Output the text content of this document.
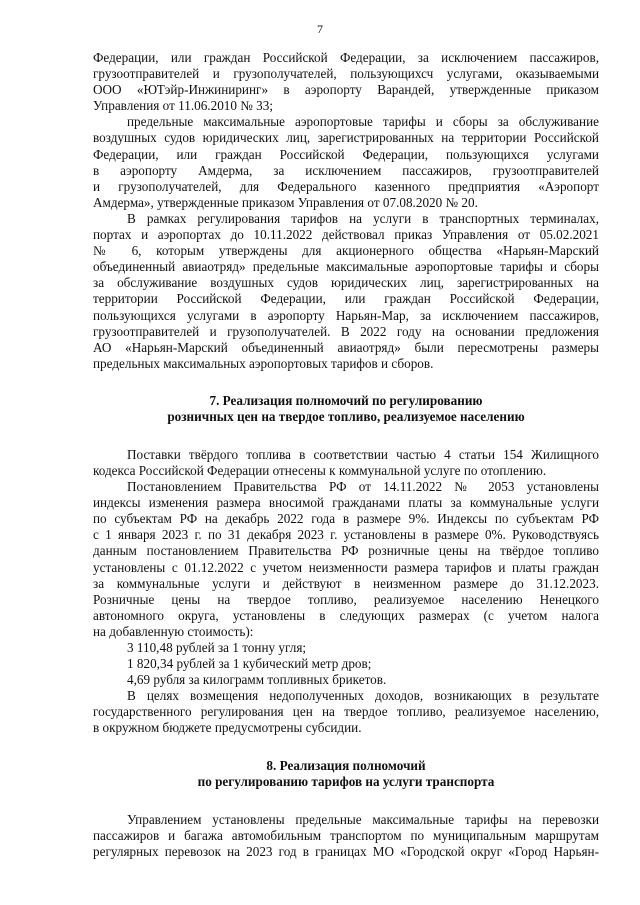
7

Федерации, или граждан Российской Федерации, за исключением пассажиров,

грузоотправителей и грузополучателей, пользующихсч услугами, оказываемыми

ООО «ЮТэйр-Инжиниринг» в аэропорту Варандей, утвержденные приказом

Управления от 11.06.2010 № 33;

предельные максимальные аэропортовые тарифы и сборы за обслуживание

воздушных судов юридических лиц, зарегистрированных на территории Российской

Федерации, или граждан Российской Федерации, пользующихся услугами

в аэропорту Амдерма, за исключением пассажиров, грузоотправителей

и грузополучателей, для Федерального казенного предприятия «Аэропорт

Амдерма», утвержденные приказом Управления от 07.08.2020 № 20.

В рамках регулирования тарифов на услуги в транспортных терминалах,

портах и аэропортах до 10.11.2022 действовал приказ Управления от 05.02.2021

№ 6, которым утверждены для акционерного общества «Нарьян-Марский

объединенный авиаотряд» предельные максимальные аэропортовые тарифы и сборы

за обслуживание воздушных судов юридических лиц, зарегистрированных на

территории Российской Федерации, или граждан Российской Федерации,

пользующихся услугами в аэропорту Нарьян-Мар, за исключением пассажиров,

грузоотправителей и грузополучателей. В 2022 году на основании предложения

АО «Нарьян-Марский объединенный авиаотряд» были пересмотрены размеры

предельных максимальных аэропортовых тарифов и сборов.

7. Реализация полномочий по регулированию

розничных цен на твердое топливо, реализуемое населению

Поставки твёрдого топлива в соответствии частью 4 статьи 154 Жилищного

кодекса Российской Федерации отнесены к коммунальной услуге по отоплению.

Постановлением Правительства РФ от 14.11.2022 № 2053 установлены

индексы изменения размера вносимой гражданами платы за коммунальные услуги

по субъектам РФ на декабрь 2022 года в размере 9%. Индексы по субъектам РФ

с 1 января 2023 г. по 31 декабря 2023 г. установлены в размере 0%. Руководствуясь

данным постановлением Правительства РФ розничные цены на твёрдое топливо

установлены с 01.12.2022 с учетом неизменности размера тарифов и платы граждан

за коммунальные услуги и действуют в неизменном размере до 31.12.2023.

Розничные цены на твердое топливо, реализуемое населению Ненецкого

автономного округа, установлены в следующих размерах (с учетом налога

на добавленную стоимость):

3 110,48 рублей за 1 тонну угля;

1 820,34 рублей за 1 кубический метр дров;

4,69 рубля за килограмм топливных брикетов.

В целях возмещения недополученных доходов, возникающих в результате

государственного регулирования цен на твердое топливо, реализуемое населению,

в окружном бюджете предусмотрены субсидии.

8. Реализация полномочий

по регулированию тарифов на услуги транспорта

Управлением установлены предельные максимальные тарифы на перевозки

пассажиров и багажа автомобильным транспортом по муниципальным маршрутам

регулярных перевозок на 2023 год в границах МО «Городской округ «Город Нарьян-
